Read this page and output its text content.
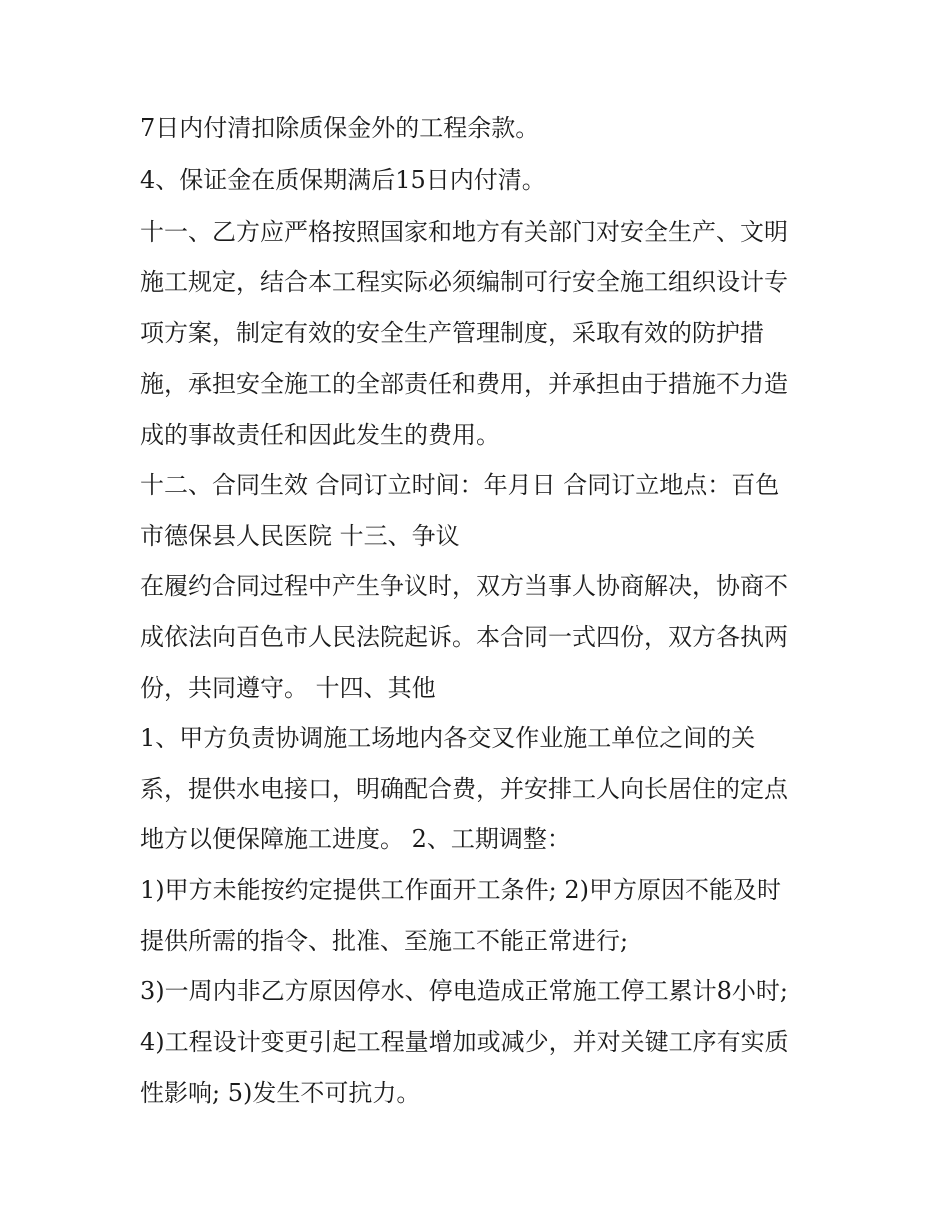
7日内付清扣除质保金外的工程余款。
4、保证金在质保期满后15日内付清。
十一、乙方应严格按照国家和地方有关部门对安全生产、文明
施工规定，结合本工程实际必须编制可行安全施工组织设计专
项方案，制定有效的安全生产管理制度，采取有效的防护措
施，承担安全施工的全部责任和费用，并承担由于措施不力造
成的事故责任和因此发生的费用。
十二、合同生效 合同订立时间：年月日 合同订立地点：百色
市德保县人民医院 十三、争议
在履约合同过程中产生争议时，双方当事人协商解决，协商不
成依法向百色市人民法院起诉。本合同一式四份，双方各执两
份，共同遵守。 十四、其他
1、甲方负责协调施工场地内各交叉作业施工单位之间的关
系，提供水电接口，明确配合费，并安排工人向长居住的定点
地方以便保障施工进度。 2、工期调整：
1)甲方未能按约定提供工作面开工条件; 2)甲方原因不能及时
提供所需的指令、批准、至施工不能正常进行;
3)一周内非乙方原因停水、停电造成正常施工停工累计8小时;
4)工程设计变更引起工程量增加或减少，并对关键工序有实质
性影响; 5)发生不可抗力。
